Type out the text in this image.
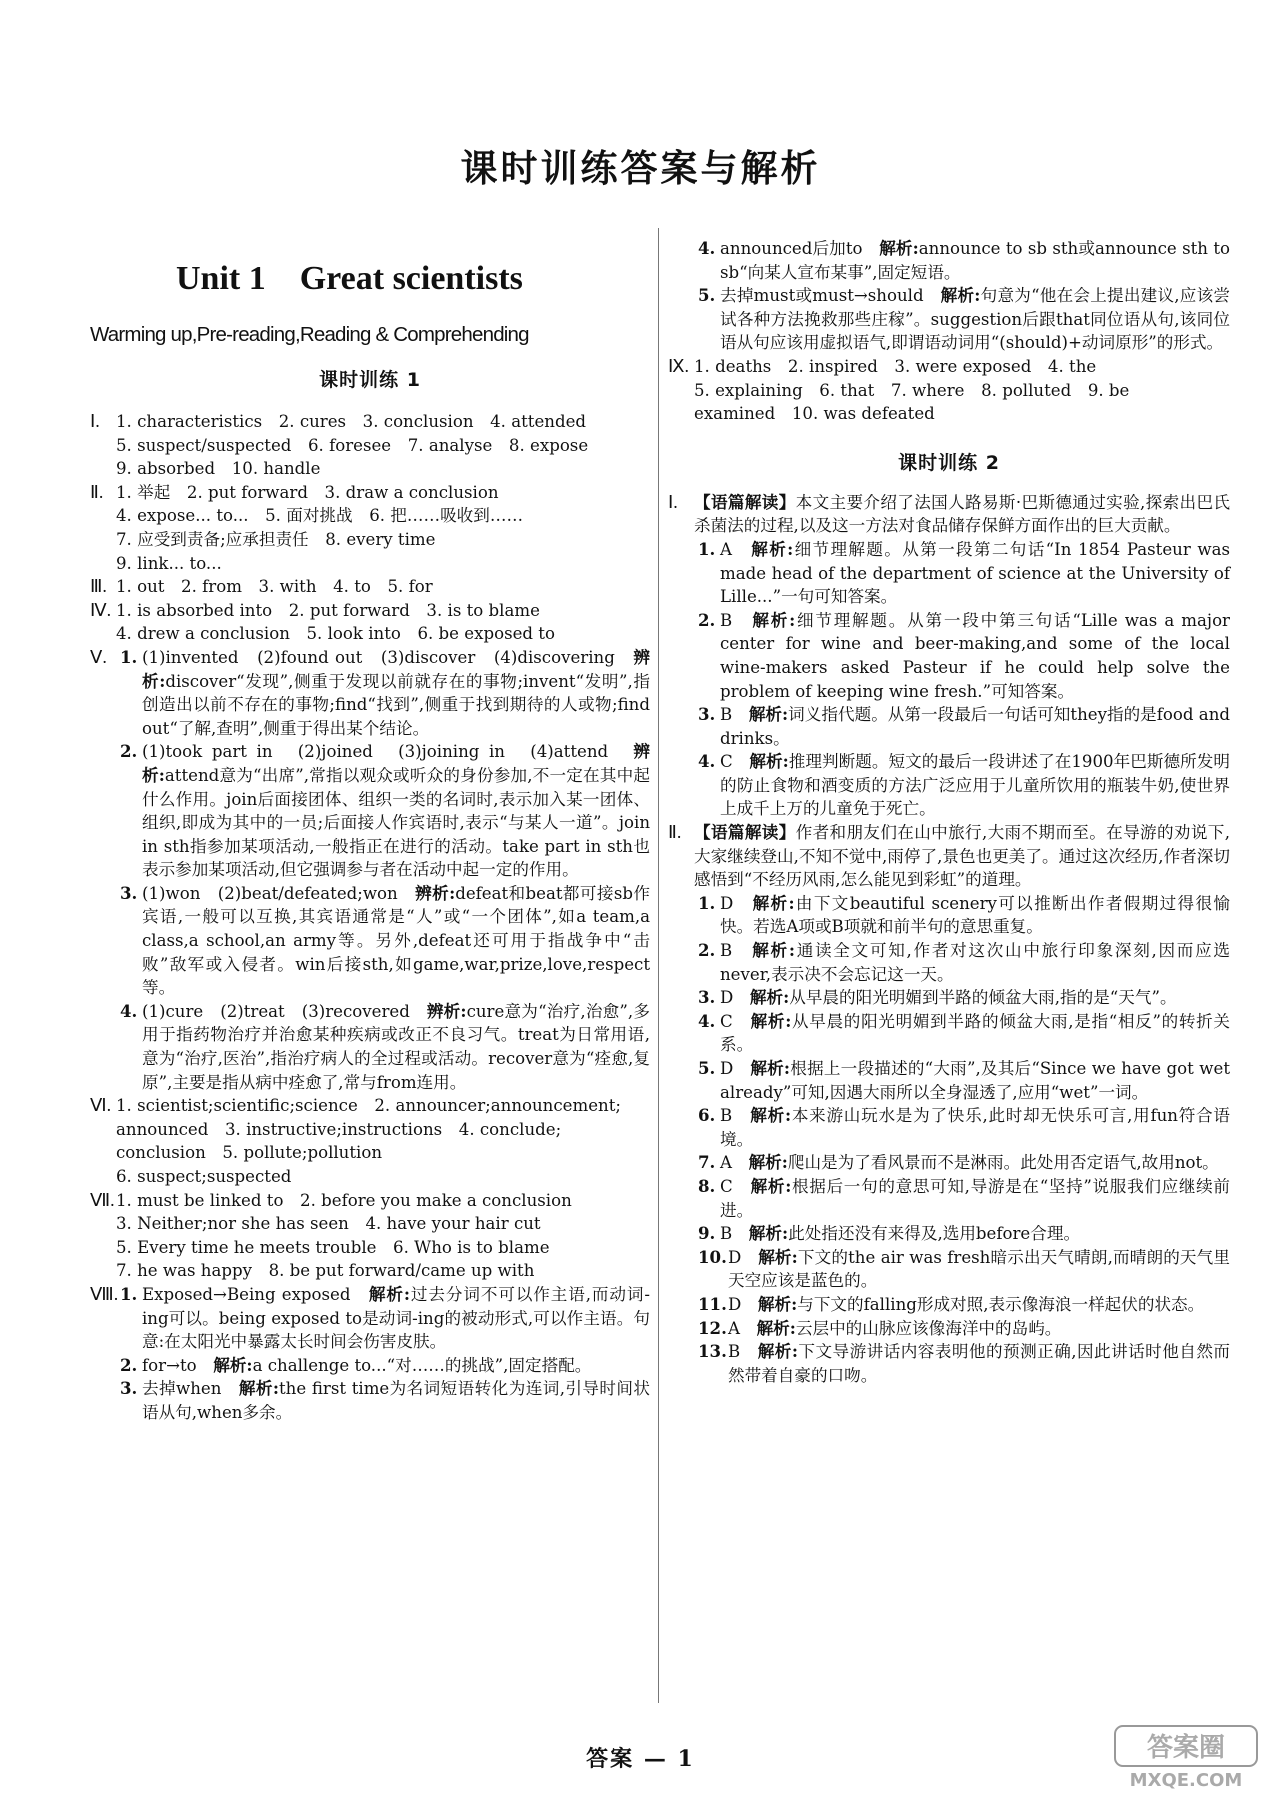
课时训练答案与解析
Unit 1　Great scientists
Warming up,Pre-reading,Reading & Comprehending
课时训练 1
Ⅰ. 1. characteristics　2. cures　3. conclusion　4. attended
5. suspect/suspected　6. foresee　7. analyse　8. expose
9. absorbed　10. handle
Ⅱ. 1. 举起　2. put forward　3. draw a conclusion
4. expose... to...　5. 面对挑战　6. 把……吸收到……
7. 应受到责备;应承担责任　8. every time
9. link... to...
Ⅲ. 1. out　2. from　3. with　4. to　5. for
Ⅳ. 1. is absorbed into　2. put forward　3. is to blame
4. drew a conclusion　5. look into　6. be exposed to
Ⅴ. 1. (1)invented　(2)found out　(3)discover　(4)discovering　 辨析:discover“发现”,侧重于发现以前就存在的事物;invent“发明”,指创造出以前不存在的事物;find“找到”,侧重于找到期待的人或物;find out“了解,查明”,侧重于得出某个结论。
2. (1)took part in　(2)joined　(3)joining in　(4)attend　 辨析:attend意为“出席”,常指以观众或听众的身份参加,不一定在其中起什么作用。join后面接团体、组织一类的名词时,表示加入某一团体、组织,即成为其中的一员;后面接人作宾语时,表示“与某人一道”。join in sth指参加某项活动,一般指正在进行的活动。take part in sth也表示参加某项活动,但它强调参与者在活动中起一定的作用。
3. (1)won　(2)beat/defeated;won　 辨析:defeat和beat都可接sb作宾语,一般可以互换,其宾语通常是“人”或“一个团体”,如a team,a class,a school,an army等。另外,defeat还可用于指战争中“击败”敌军或入侵者。win后接sth,如game,war,prize,love,respect等。
4. (1)cure　(2)treat　(3)recovered　 辨析:cure意为“治疗,治愈”,多用于指药物治疗并治愈某种疾病或改正不良习气。treat为日常用语,意为“治疗,医治”,指治疗病人的全过程或活动。recover意为“痊愈,复原”,主要是指从病中痊愈了,常与from连用。
Ⅵ. 1. scientist;scientific;science　2. announcer;announcement;
announced　3. instructive;instructions　4. conclude;
conclusion　5. pollute;pollution
6. suspect;suspected
Ⅶ. 1. must be linked to　2. before you make a conclusion
3. Neither;nor she has seen　4. have your hair cut
5. Every time he meets trouble　6. Who is to blame
7. he was happy　8. be put forward/came up with
Ⅷ. 1. Exposed→Being exposed　 解析:过去分词不可以作主语,而动词-ing可以。being exposed to是动词-ing的被动形式,可以作主语。句意:在太阳光中暴露太长时间会伤害皮肤。
2. for→to　 解析:a challenge to...“对……的挑战”,固定搭配。
3. 去掉when　 解析:the first time为名词短语转化为连词,引导时间状语从句,when多余。
4. announced后加to　 解析:announce to sb sth或announce sth to sb“向某人宣布某事”,固定短语。
5. 去掉must或must→should　 解析:句意为“他在会上提出建议,应该尝试各种方法挽救那些庄稼”。suggestion后跟that同位语从句,该同位语从句应该用虚拟语气,即谓语动词用“(should)+动词原形”的形式。
Ⅸ. 1. deaths　2. inspired　3. were exposed　4. the
5. explaining　6. that　7. where　8. polluted　9. be
examined　10. was defeated
课时训练 2
Ⅰ. 【语篇解读】本文主要介绍了法国人路易斯·巴斯德通过实验,探索出巴氏杀菌法的过程,以及这一方法对食品储存保鲜方面作出的巨大贡献。
1. A　 解析:细节理解题。从第一段第二句话“In 1854 Pasteur was made head of the department of science at the University of Lille...”一句可知答案。
2. B　 解析:细节理解题。从第一段中第三句话“Lille was a major center for wine and beer-making,and some of the local wine-makers asked Pasteur if he could help solve the problem of keeping wine fresh.”可知答案。
3. B　 解析:词义指代题。从第一段最后一句话可知they指的是food and drinks。
4. C　 解析:推理判断题。短文的最后一段讲述了在1900年巴斯德所发明的防止食物和酒变质的方法广泛应用于儿童所饮用的瓶装牛奶,使世界上成千上万的儿童免于死亡。
Ⅱ. 【语篇解读】作者和朋友们在山中旅行,大雨不期而至。在导游的劝说下,大家继续登山,不知不觉中,雨停了,景色也更美了。通过这次经历,作者深切感悟到“不经历风雨,怎么能见到彩虹”的道理。
1. D　 解析:由下文beautiful scenery可以推断出作者假期过得很愉快。若选A项或B项就和前半句的意思重复。
2. B　 解析:通读全文可知,作者对这次山中旅行印象深刻,因而应选never,表示决不会忘记这一天。
3. D　 解析:从早晨的阳光明媚到半路的倾盆大雨,指的是“天气”。
4. C　 解析:从早晨的阳光明媚到半路的倾盆大雨,是指“相反”的转折关系。
5. D　 解析:根据上一段描述的“大雨”,及其后“Since we have got wet already”可知,因遇大雨所以全身湿透了,应用“wet”一词。
6. B　 解析:本来游山玩水是为了快乐,此时却无快乐可言,用fun符合语境。
7. A　 解析:爬山是为了看风景而不是淋雨。此处用否定语气,故用not。
8. C　 解析:根据后一句的意思可知,导游是在“坚持”说服我们应继续前进。
9. B　 解析:此处指还没有来得及,选用before合理。
10. D　 解析:下文的the air was fresh暗示出天气晴朗,而晴朗的天气里天空应该是蓝色的。
11. D　 解析:与下文的falling形成对照,表示像海浪一样起伏的状态。
12. A　 解析:云层中的山脉应该像海洋中的岛屿。
13. B　 解析:下文导游讲话内容表明他的预测正确,因此讲话时他自然而然带着自豪的口吻。
答案 — 1	答案圈
MXQE.COM
